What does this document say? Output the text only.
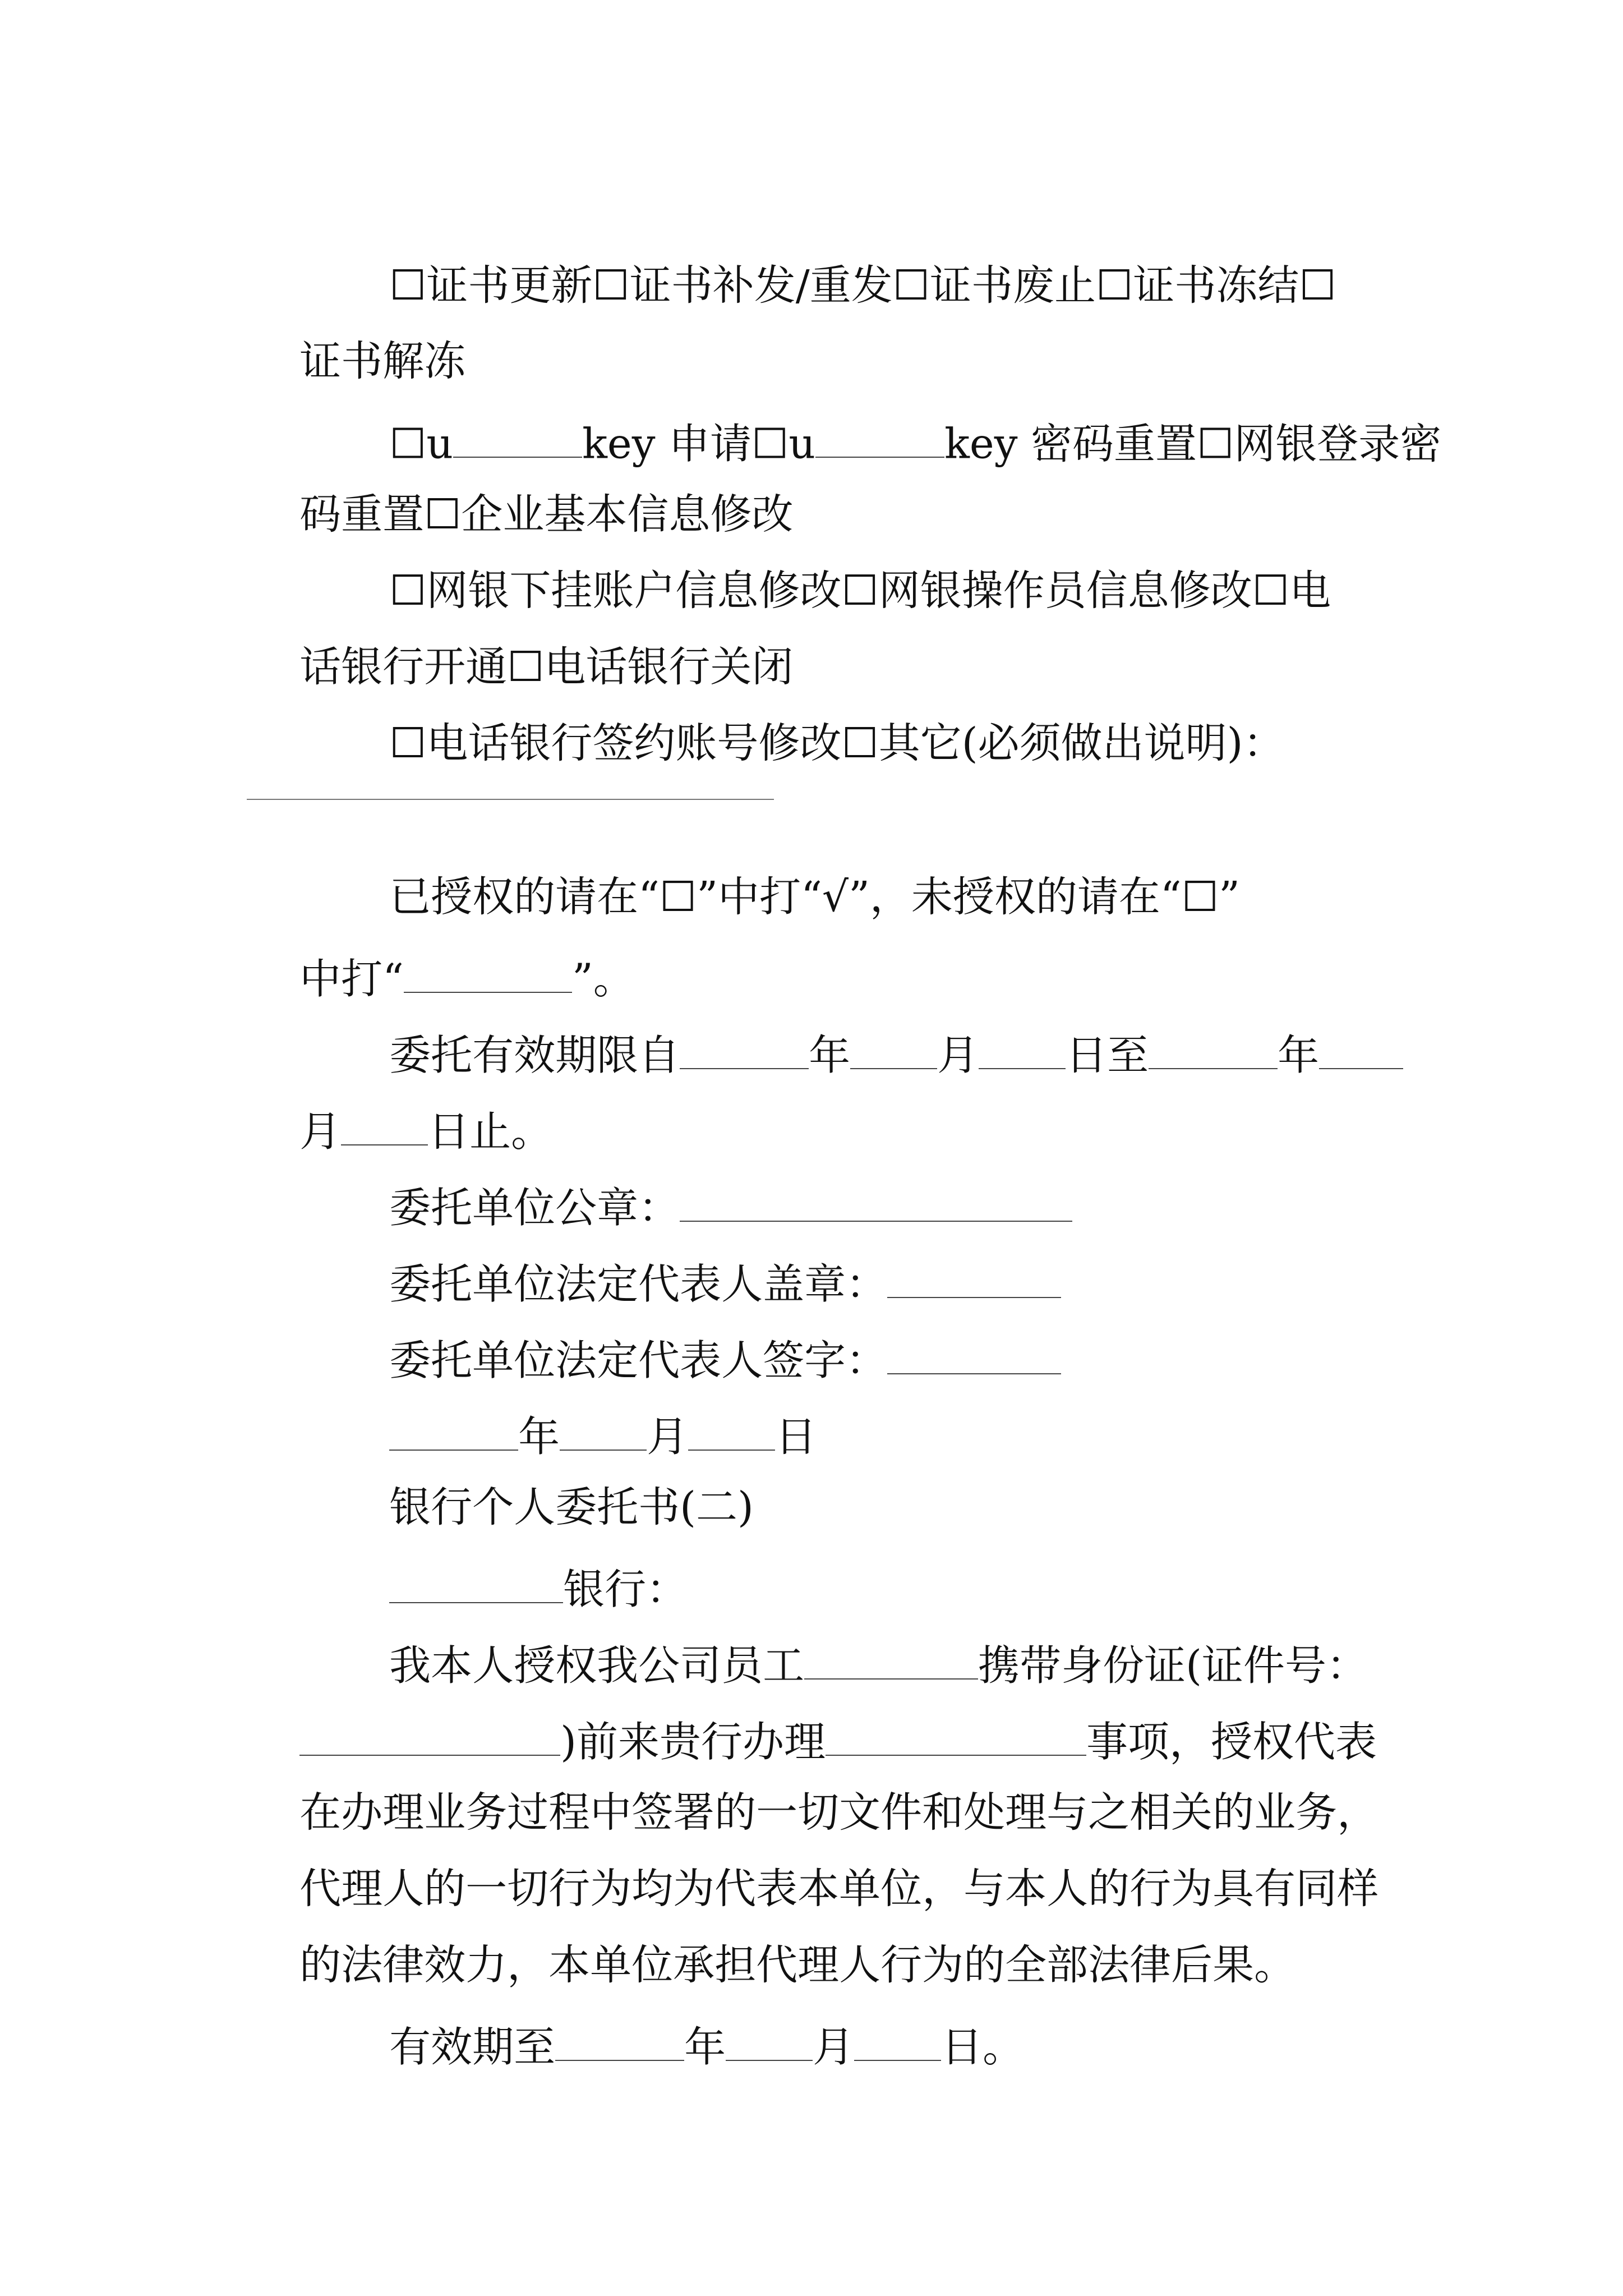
☐证书更新☐证书补发/重发☐证书废止☐证书冻结☐

证书解冻

☐u	key 申请☐u	key 密码重置☐网银登录密

码重置☐企业基本信息修改

☐网银下挂账户信息修改☐网银操作员信息修改☐电

话银行开通☐电话银行关闭

☐电话银行签约账号修改☐其它(必须做出说明)：

已授权的请在“☐”中打“√”，未授权的请在“☐”

中打“	”。

委托有效期限自	年 月 日至	年

月 日止。

委托单位公章：

委托单位法定代表人盖章：

委托单位法定代表人签字：

年 月 日

银行个人委托书(二)

银行：

我本人授权我公司员工	携带身份证(证件号：

)前来贵行办理	事项，授权代表

在办理业务过程中签署的一切文件和处理与之相关的业务，

代理人的一切行为均为代表本单位，与本人的行为具有同样

的法律效力，本单位承担代理人行为的全部法律后果。

有效期至	年 月 日。
